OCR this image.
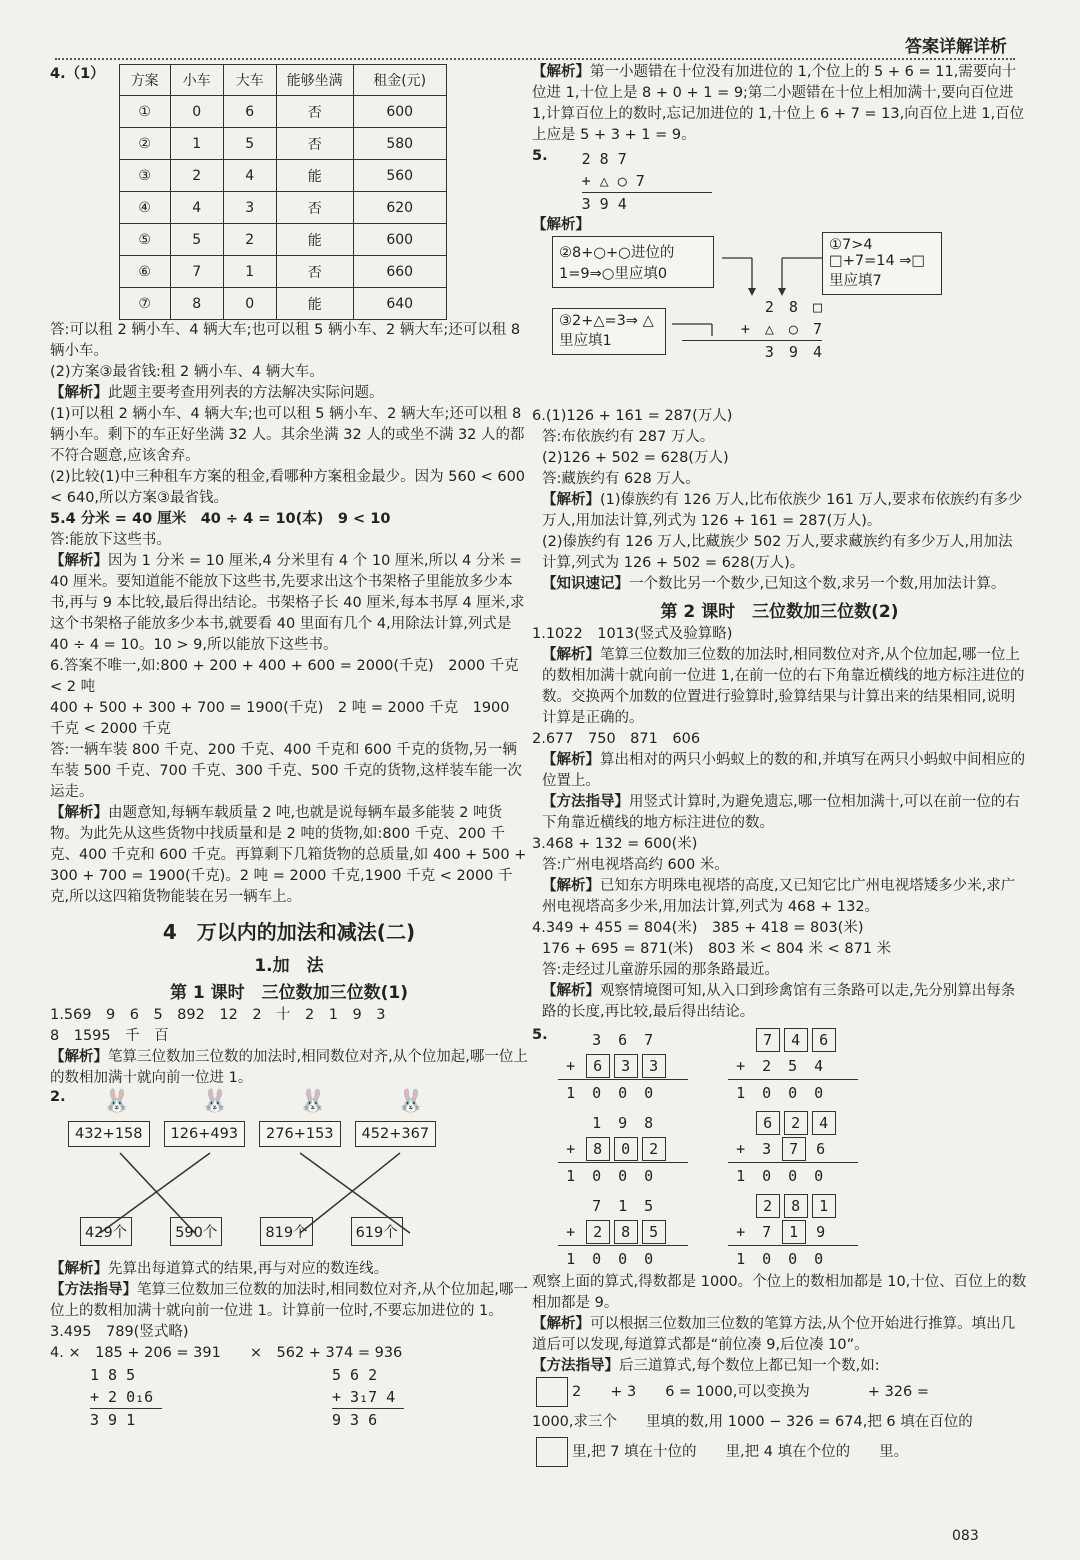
答案详解详析
4.（1） 方案	小车	大车	能够坐满	租金(元)
①	0	6	否	600
②	1	5	否	580
③	2	4	能	560
④	4	3	否	620
⑤	5	2	能	600
⑥	7	1	否	660
⑦	8	0	能	640

答:可以租 2 辆小车、4 辆大车;也可以租 5 辆小车、2 辆大车;还可以租 8 辆小车。

(2)方案③最省钱:租 2 辆小车、4 辆大车。

【解析】此题主要考查用列表的方法解决实际问题。

(1)可以租 2 辆小车、4 辆大车;也可以租 5 辆小车、2 辆大车;还可以租 8 辆小车。剩下的车正好坐满 32 人。其余坐满 32 人的或坐不满 32 人的都不符合题意,应该舍弃。

(2)比较(1)中三种租车方案的租金,看哪种方案租金最少。因为 560 < 600 < 640,所以方案③最省钱。

5.4 分米 = 40 厘米　40 ÷ 4 = 10(本)　9 < 10

答:能放下这些书。

【解析】因为 1 分米 = 10 厘米,4 分米里有 4 个 10 厘米,所以 4 分米 = 40 厘米。要知道能不能放下这些书,先要求出这个书架格子里能放多少本书,再与 9 本比较,最后得出结论。书架格子长 40 厘米,每本书厚 4 厘米,求这个书架格子能放多少本书,就要看 40 里面有几个 4,用除法计算,列式是 40 ÷ 4 = 10。10 > 9,所以能放下这些书。

6.答案不唯一,如:800 + 200 + 400 + 600 = 2000(千克)　2000 千克 < 2 吨

400 + 500 + 300 + 700 = 1900(千克)　2 吨 = 2000 千克　1900 千克 < 2000 千克

答:一辆车装 800 千克、200 千克、400 千克和 600 千克的货物,另一辆车装 500 千克、700 千克、300 千克、500 千克的货物,这样装车能一次运走。

【解析】由题意知,每辆车载质量 2 吨,也就是说每辆车最多能装 2 吨货物。为此先从这些货物中找质量和是 2 吨的货物,如:800 千克、200 千克、400 千克和 600 千克。再算剩下几箱货物的总质量,如 400 + 500 + 300 + 700 = 1900(千克)。2 吨 = 2000 千克,1900 千克 < 2000 千克,所以这四箱货物能装在另一辆车上。

4　万以内的加法和减法(二)
1.加　法
第 1 课时　三位数加三位数(1)

1.569　9　6　5　892　12　2　十　2　1　9　3

8　1595　千　百

【解析】笔算三位数加三位数的加法时,相同数位对齐,从个位加起,哪一位上的数相加满十就向前一位进 1。

2.	🐰	🐰	🐰	🐰
432+158	126+493	276+153	452+367
429个	590个	819个	619个

【解析】先算出每道算式的结果,再与对应的数连线。

【方法指导】笔算三位数加三位数的加法时,相同数位对齐,从个位加起,哪一位上的数相加满十就向前一位进 1。计算前一位时,不要忘加进位的 1。

3.495　789(竖式略)

4. ×　185 + 206 = 391　　×　562 + 374 = 936

1 8 5
+ 2 0₁6
3 9 1
5 6 2
+ 3₁7 4
9 3 6

【解析】第一小题错在十位没有加进位的 1,个位上的 5 + 6 = 11,需要向十位进 1,十位上是 8 + 0 + 1 = 9;第二小题错在十位上相加满十,要向百位进 1,计算百位上的数时,忘记加进位的 1,十位上 6 + 7 = 13,向百位上进 1,百位上应是 5 + 3 + 1 = 9。

5. 2 8 7
+ △ ○ 7
3 9 4

【解析】

②8+○+○进位的 1=9⇒○里应填0
①7>4 □+7=14 ⇒□里应填7
③2+△=3⇒ △里应填1
2　8　□
+　△　○　7
3　9　4

6.(1)126 + 161 = 287(万人)

答:布依族约有 287 万人。

(2)126 + 502 = 628(万人)

答:藏族约有 628 万人。

【解析】(1)傣族约有 126 万人,比布依族少 161 万人,要求布依族约有多少万人,用加法计算,列式为 126 + 161 = 287(万人)。

(2)傣族约有 126 万人,比藏族少 502 万人,要求藏族约有多少万人,用加法计算,列式为 126 + 502 = 628(万人)。

【知识速记】一个数比另一个数少,已知这个数,求另一个数,用加法计算。

第 2 课时　三位数加三位数(2)

1.1022　1013(竖式及验算略)

【解析】笔算三位数加三位数的加法时,相同数位对齐,从个位加起,哪一位上的数相加满十就向前一位进 1,在前一位的右下角靠近横线的地方标注进位的数。交换两个加数的位置进行验算时,验算结果与计算出来的结果相同,说明计算是正确的。

2.677　750　871　606

【解析】算出相对的两只小蚂蚁上的数的和,并填写在两只小蚂蚁中间相应的位置上。

【方法指导】用竖式计算时,为避免遗忘,哪一位相加满十,可以在前一位的右下角靠近横线的地方标注进位的数。

3.468 + 132 = 600(米)

答:广州电视塔高约 600 米。

【解析】已知东方明珠电视塔的高度,又已知它比广州电视塔矮多少米,求广州电视塔高多少米,用加法计算,列式为 468 + 132。

4.349 + 455 = 804(米)　385 + 418 = 803(米)

176 + 695 = 871(米)　803 米 < 804 米 < 871 米

答:走经过儿童游乐园的那条路最近。

【解析】观察情境图可知,从入口到珍禽馆有三条路可以走,先分别算出每条路的长度,再比较,最后得出结论。

5.	3 6 7
+ 6 3 3
1 0 0 0
7 4 6
+ 2 5 4
1 0 0 0
1 9 8
+ 8 0 2
1 0 0 0
6 2 4
+ 3 7 6
1 0 0 0
7 1 5
+ 2 8 5
1 0 0 0
2 8 1
+ 7 1 9
1 0 0 0

观察上面的算式,得数都是 1000。个位上的数相加都是 10,十位、百位上的数相加都是 9。

【解析】可以根据三位数加三位数的笔算方法,从个位开始进行推算。填出几道后可以发现,每道算式都是“前位凑 9,后位凑 10”。

【方法指导】后三道算式,每个数位上都已知一个数,如:

2　　+ 3　　6 = 1000,可以变换为　　　　+ 326 =

1000,求三个　　里填的数,用 1000 − 326 = 674,把 6 填在百位的

里,把 7 填在十位的　　里,把 4 填在个位的　　里。

083
